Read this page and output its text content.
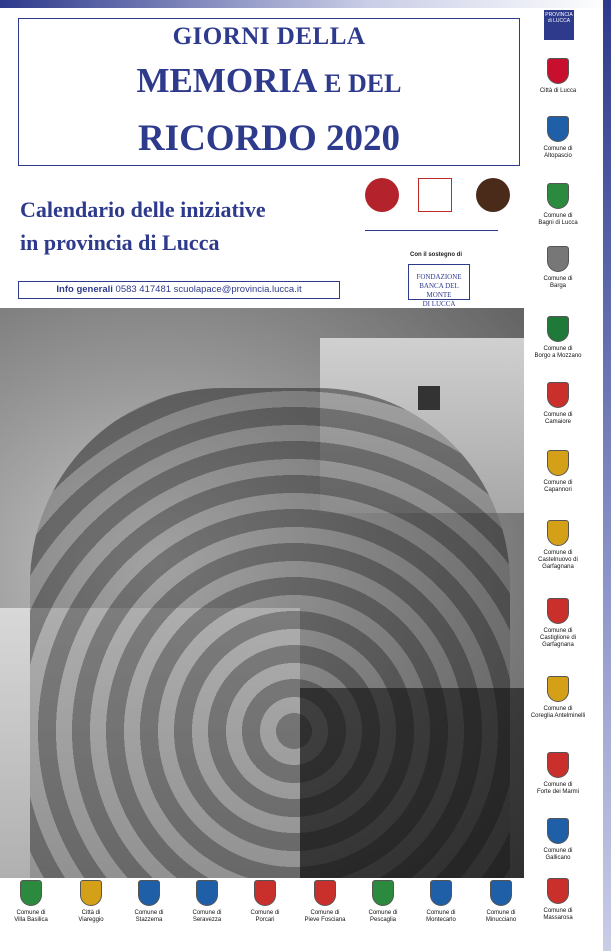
GIORNI DELLA
MEMORIA E DEL
RICORDO 2020
Calendario delle iniziative
in provincia di Lucca
Info generali 0583 417481 scuolapace@provincia.lucca.it
Con il sostegno di
FONDAZIONE
BANCA DEL MONTE
DI LUCCA
PROVINCIA
di LUCCA
Città di Lucca
Comune di
Altopascio
Comune di
Bagni di Lucca
Comune di
Barga
Comune di
Borgo a Mozzano
Comune di
Camaiore
Comune di
Capannori
Comune di
Castelnuovo di Garfagnana
Comune di
Castiglione di Garfagnana
Comune di
Coreglia Antelminelli
Comune di
Forte dei Marmi
Comune di
Gallicano
Comune di
Massarosa
Comune di
Villa Basilica
Città di
Viareggio
Comune di
Stazzema
Comune di
Seravezza
Comune di
Porcari
Comune di
Pieve Fosciana
Comune di
Pescaglia
Comune di
Montecarlo
Comune di
Minucciano
